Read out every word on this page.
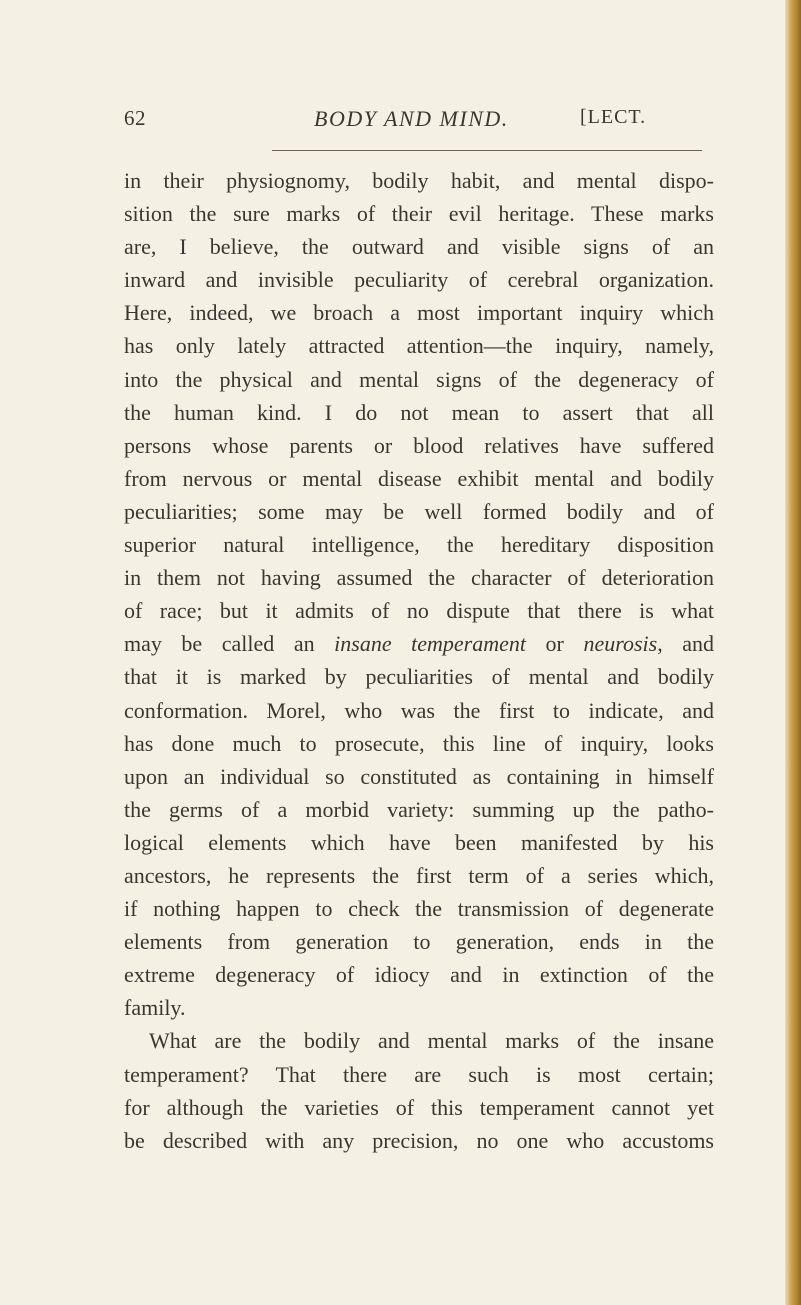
62	BODY AND MIND.	[LECT.
in their physiognomy, bodily habit, and mental dispo-
sition the sure marks of their evil heritage. These marks
are, I believe, the outward and visible signs of an
inward and invisible peculiarity of cerebral organization.
Here, indeed, we broach a most important inquiry which
has only lately attracted attention—the inquiry, namely,
into the physical and mental signs of the degeneracy of
the human kind. I do not mean to assert that all
persons whose parents or blood relatives have suffered
from nervous or mental disease exhibit mental and bodily
peculiarities; some may be well formed bodily and of
superior natural intelligence, the hereditary disposition
in them not having assumed the character of deterioration
of race; but it admits of no dispute that there is what
may be called an insane temperament or neurosis, and
that it is marked by peculiarities of mental and bodily
conformation. Morel, who was the first to indicate, and
has done much to prosecute, this line of inquiry, looks
upon an individual so constituted as containing in himself
the germs of a morbid variety: summing up the patho-
logical elements which have been manifested by his
ancestors, he represents the first term of a series which,
if nothing happen to check the transmission of degenerate
elements from generation to generation, ends in the
extreme degeneracy of idiocy and in extinction of the
family.
What are the bodily and mental marks of the insane
temperament? That there are such is most certain;
for although the varieties of this temperament cannot yet
be described with any precision, no one who accustoms
